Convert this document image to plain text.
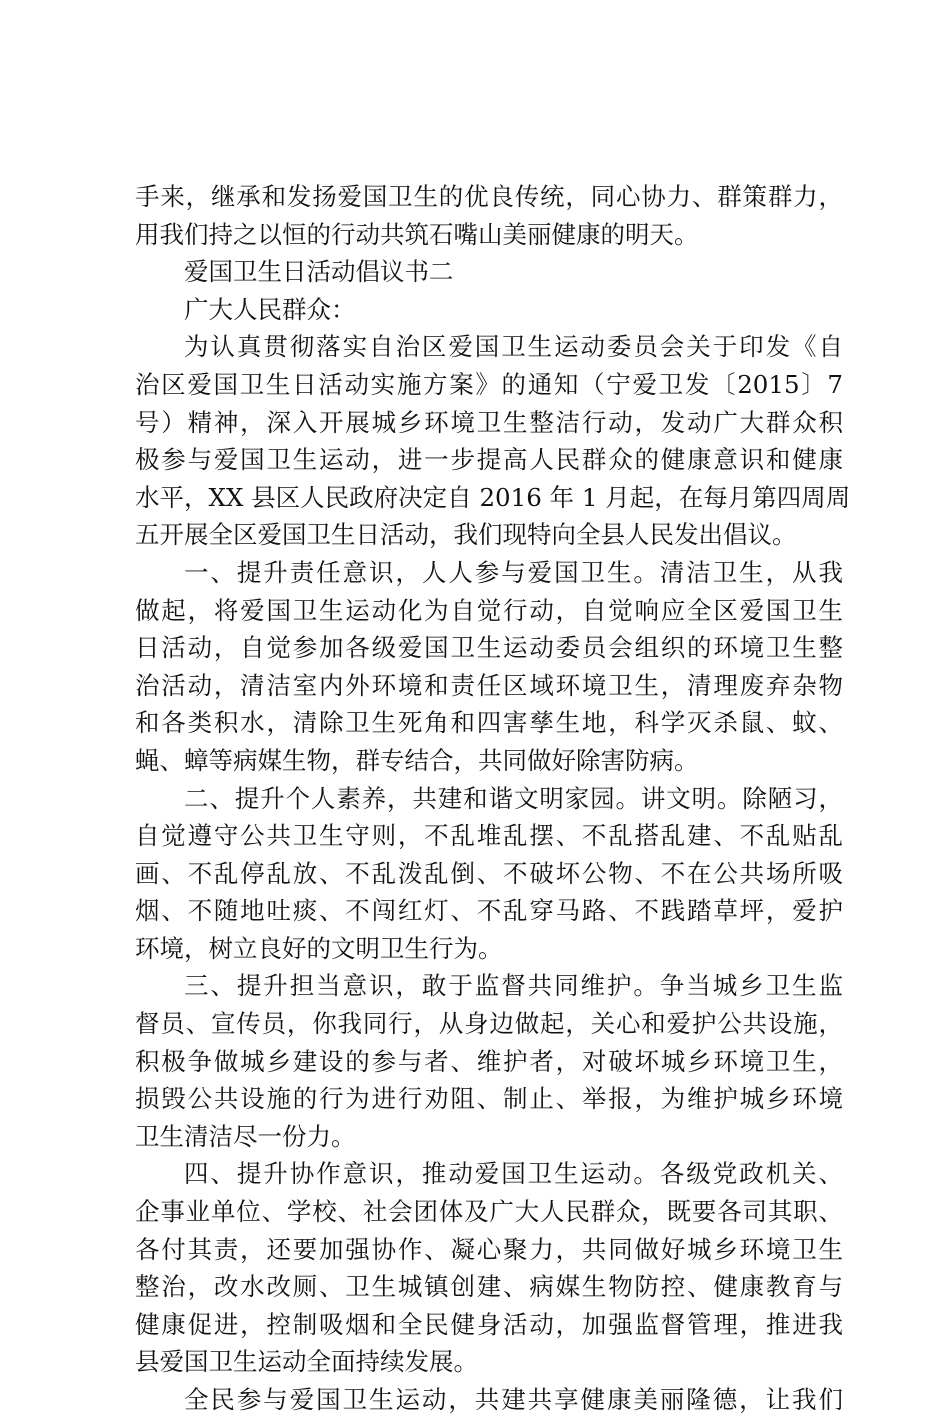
手来，继承和发扬爱国卫生的优良传统，同心协力、群策群力，
用我们持之以恒的行动共筑石嘴山美丽健康的明天。
爱国卫生日活动倡议书二
广大人民群众：
为认真贯彻落实自治区爱国卫生运动委员会关于印发《自
治区爱国卫生日活动实施方案》的通知（宁爱卫发〔2015〕7
号）精神，深入开展城乡环境卫生整洁行动，发动广大群众积
极参与爱国卫生运动，进一步提高人民群众的健康意识和健康
水平，XX 县区人民政府决定自 2016 年 1 月起，在每月第四周周
五开展全区爱国卫生日活动，我们现特向全县人民发出倡议。
一、提升责任意识，人人参与爱国卫生。清洁卫生，从我
做起，将爱国卫生运动化为自觉行动，自觉响应全区爱国卫生
日活动，自觉参加各级爱国卫生运动委员会组织的环境卫生整
治活动，清洁室内外环境和责任区域环境卫生，清理废弃杂物
和各类积水，清除卫生死角和四害孳生地，科学灭杀鼠、蚊、
蝇、蟑等病媒生物，群专结合，共同做好除害防病。
二、提升个人素养，共建和谐文明家园。讲文明。除陋习，
自觉遵守公共卫生守则，不乱堆乱摆、不乱搭乱建、不乱贴乱
画、不乱停乱放、不乱泼乱倒、不破坏公物、不在公共场所吸
烟、不随地吐痰、不闯红灯、不乱穿马路、不践踏草坪，爱护
环境，树立良好的文明卫生行为。
三、提升担当意识，敢于监督共同维护。争当城乡卫生监
督员、宣传员，你我同行，从身边做起，关心和爱护公共设施，
积极争做城乡建设的参与者、维护者，对破坏城乡环境卫生，
损毁公共设施的行为进行劝阻、制止、举报，为维护城乡环境
卫生清洁尽一份力。
四、提升协作意识，推动爱国卫生运动。各级党政机关、
企事业单位、学校、社会团体及广大人民群众，既要各司其职、
各付其责，还要加强协作、凝心聚力，共同做好城乡环境卫生
整治，改水改厕、卫生城镇创建、病媒生物防控、健康教育与
健康促进，控制吸烟和全民健身活动，加强监督管理，推进我
县爱国卫生运动全面持续发展。
全民参与爱国卫生运动，共建共享健康美丽隆德，让我们
